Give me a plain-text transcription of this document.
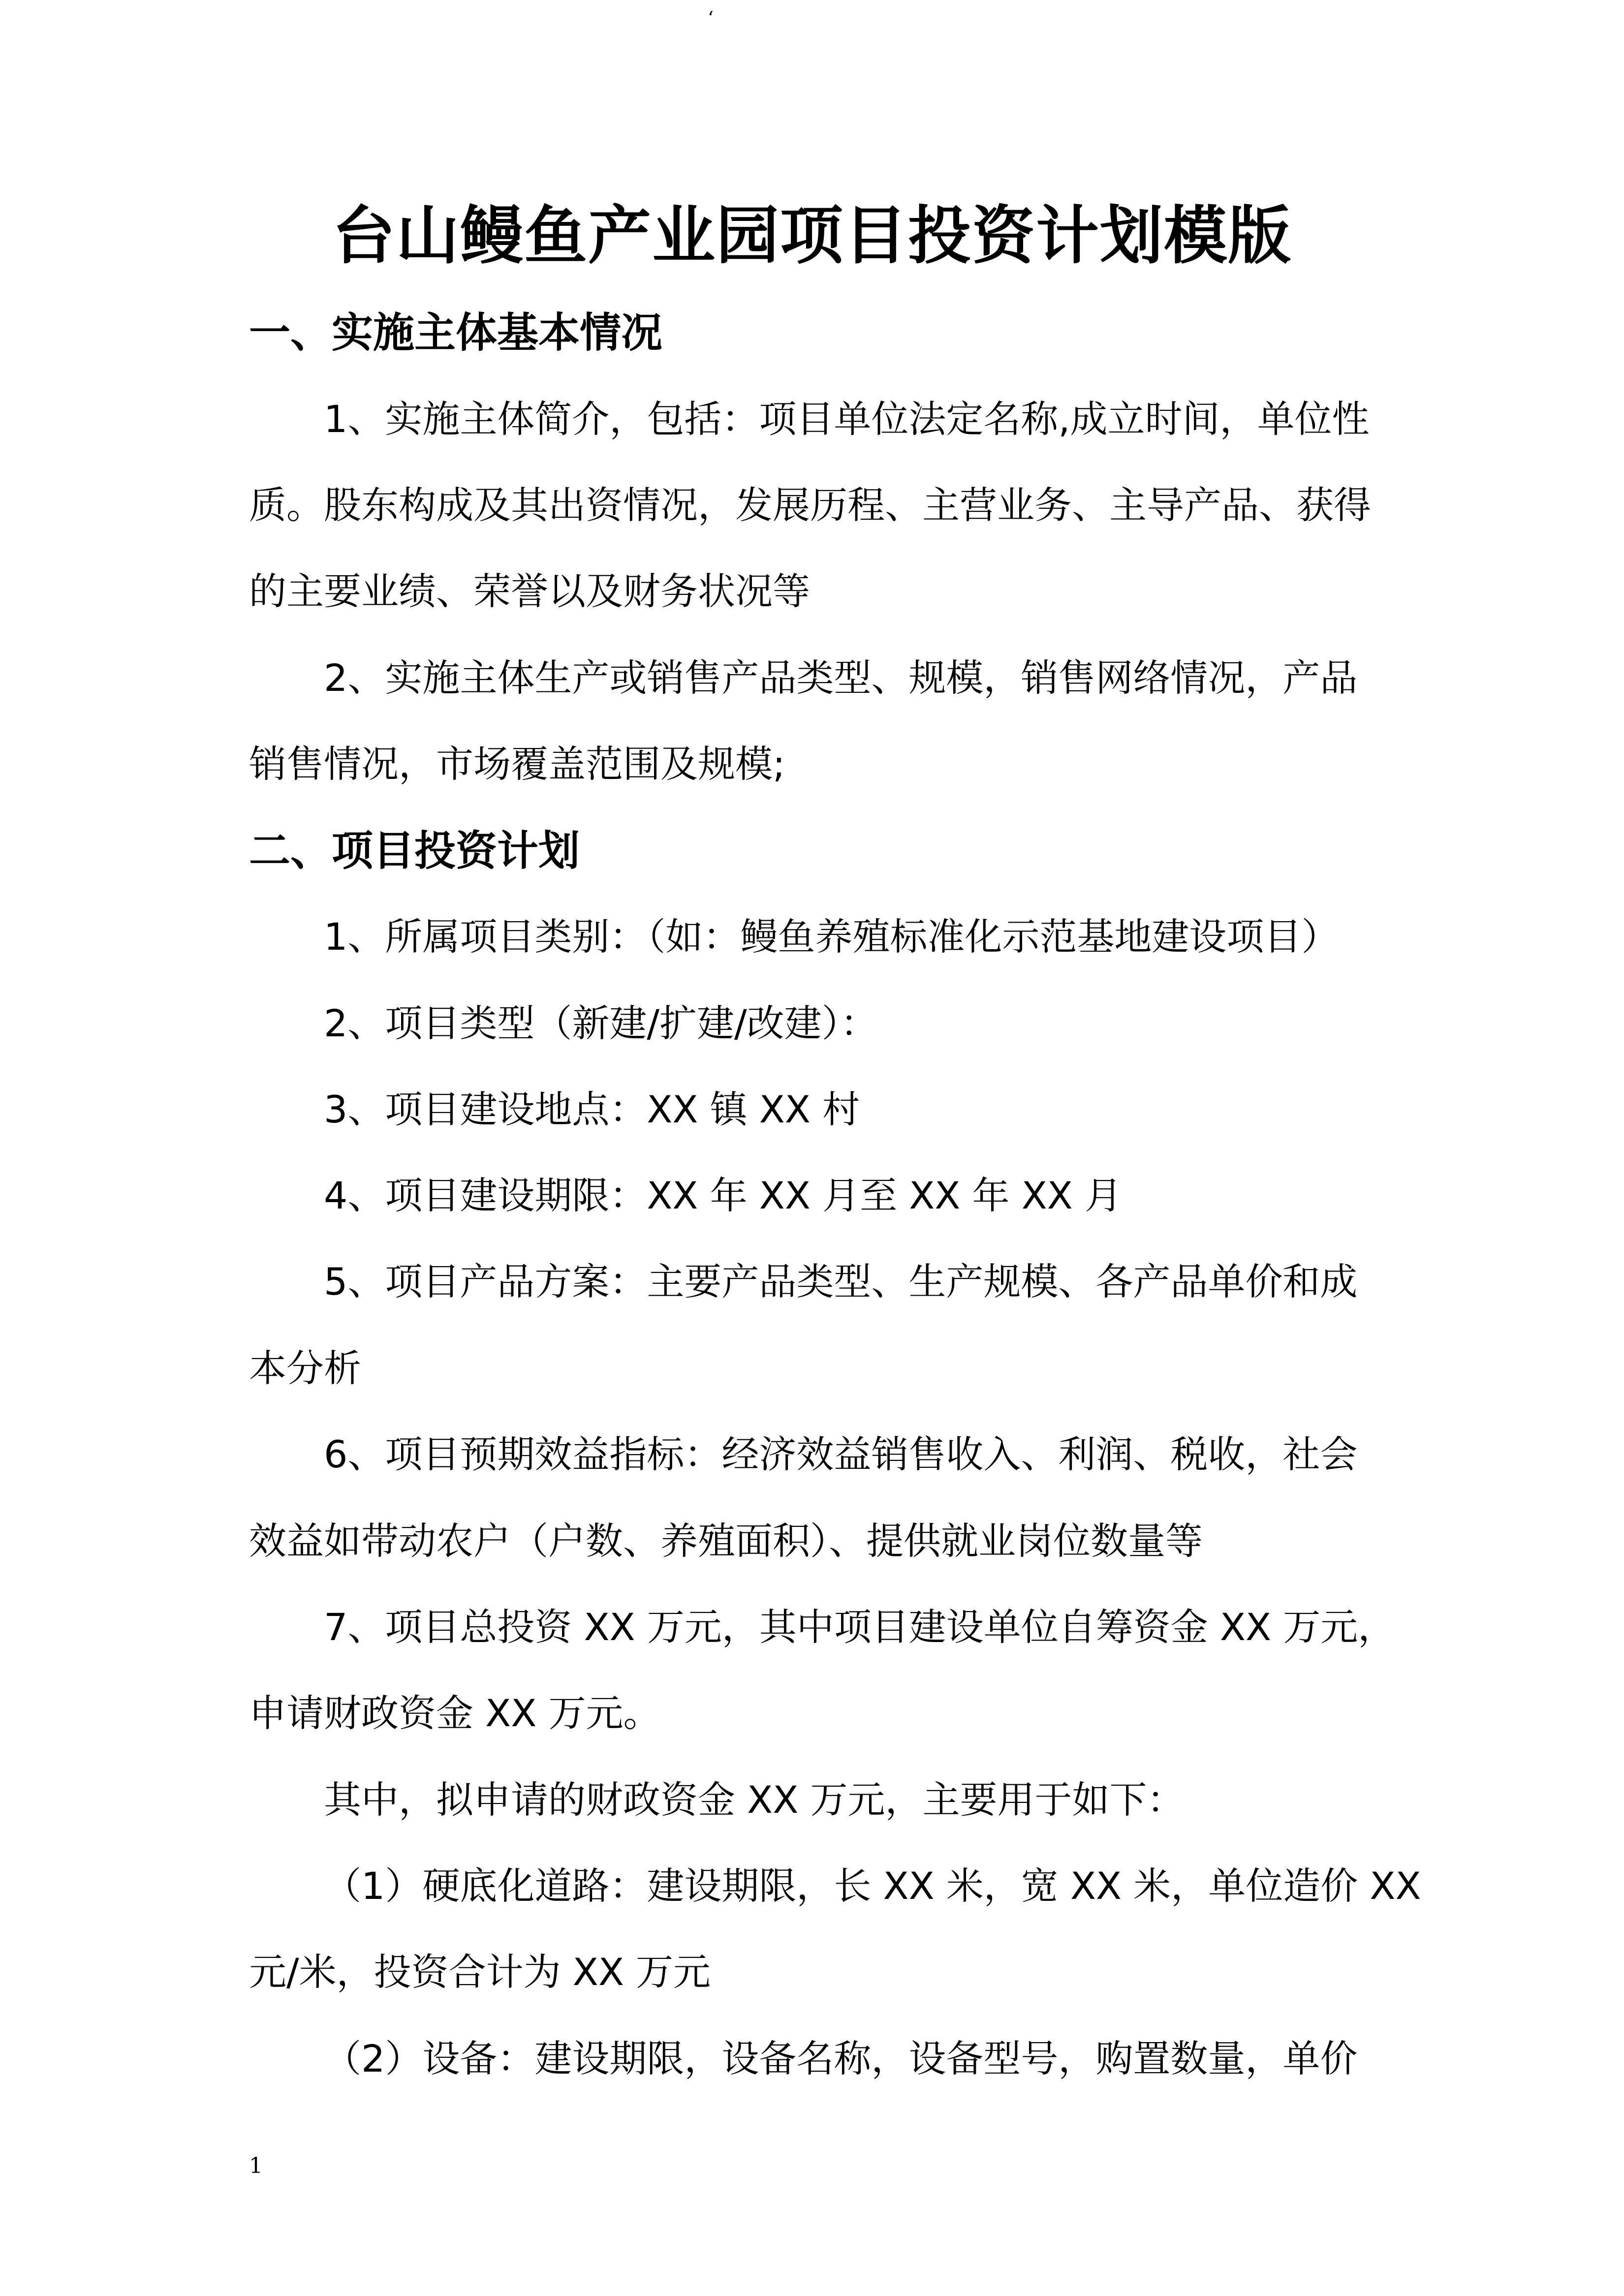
‘
台山鳗鱼产业园项目投资计划模版
一、实施主体基本情况

1、实施主体简介，包括：项目单位法定名称,成立时间，单位性

质。股东构成及其出资情况，发展历程、主营业务、主导产品、获得

的主要业绩、荣誉以及财务状况等

2、实施主体生产或销售产品类型、规模，销售网络情况，产品

销售情况，市场覆盖范围及规模;

二、项目投资计划

1、所属项目类别：（如：鳗鱼养殖标准化示范基地建设项目）

2、项目类型（新建/扩建/改建）：

3、项目建设地点：XX 镇 XX 村

4、项目建设期限：XX 年 XX 月至 XX 年 XX 月

5、项目产品方案：主要产品类型、生产规模、各产品单价和成

本分析

6、项目预期效益指标：经济效益销售收入、利润、税收，社会

效益如带动农户（户数、养殖面积）、提供就业岗位数量等

7、项目总投资 XX 万元，其中项目建设单位自筹资金 XX 万元，

申请财政资金 XX 万元。

其中，拟申请的财政资金 XX 万元，主要用于如下：

（1）硬底化道路：建设期限，长 XX 米，宽 XX 米，单位造价 XX

元/米，投资合计为 XX 万元

（2）设备：建设期限，设备名称，设备型号，购置数量，单价

1
